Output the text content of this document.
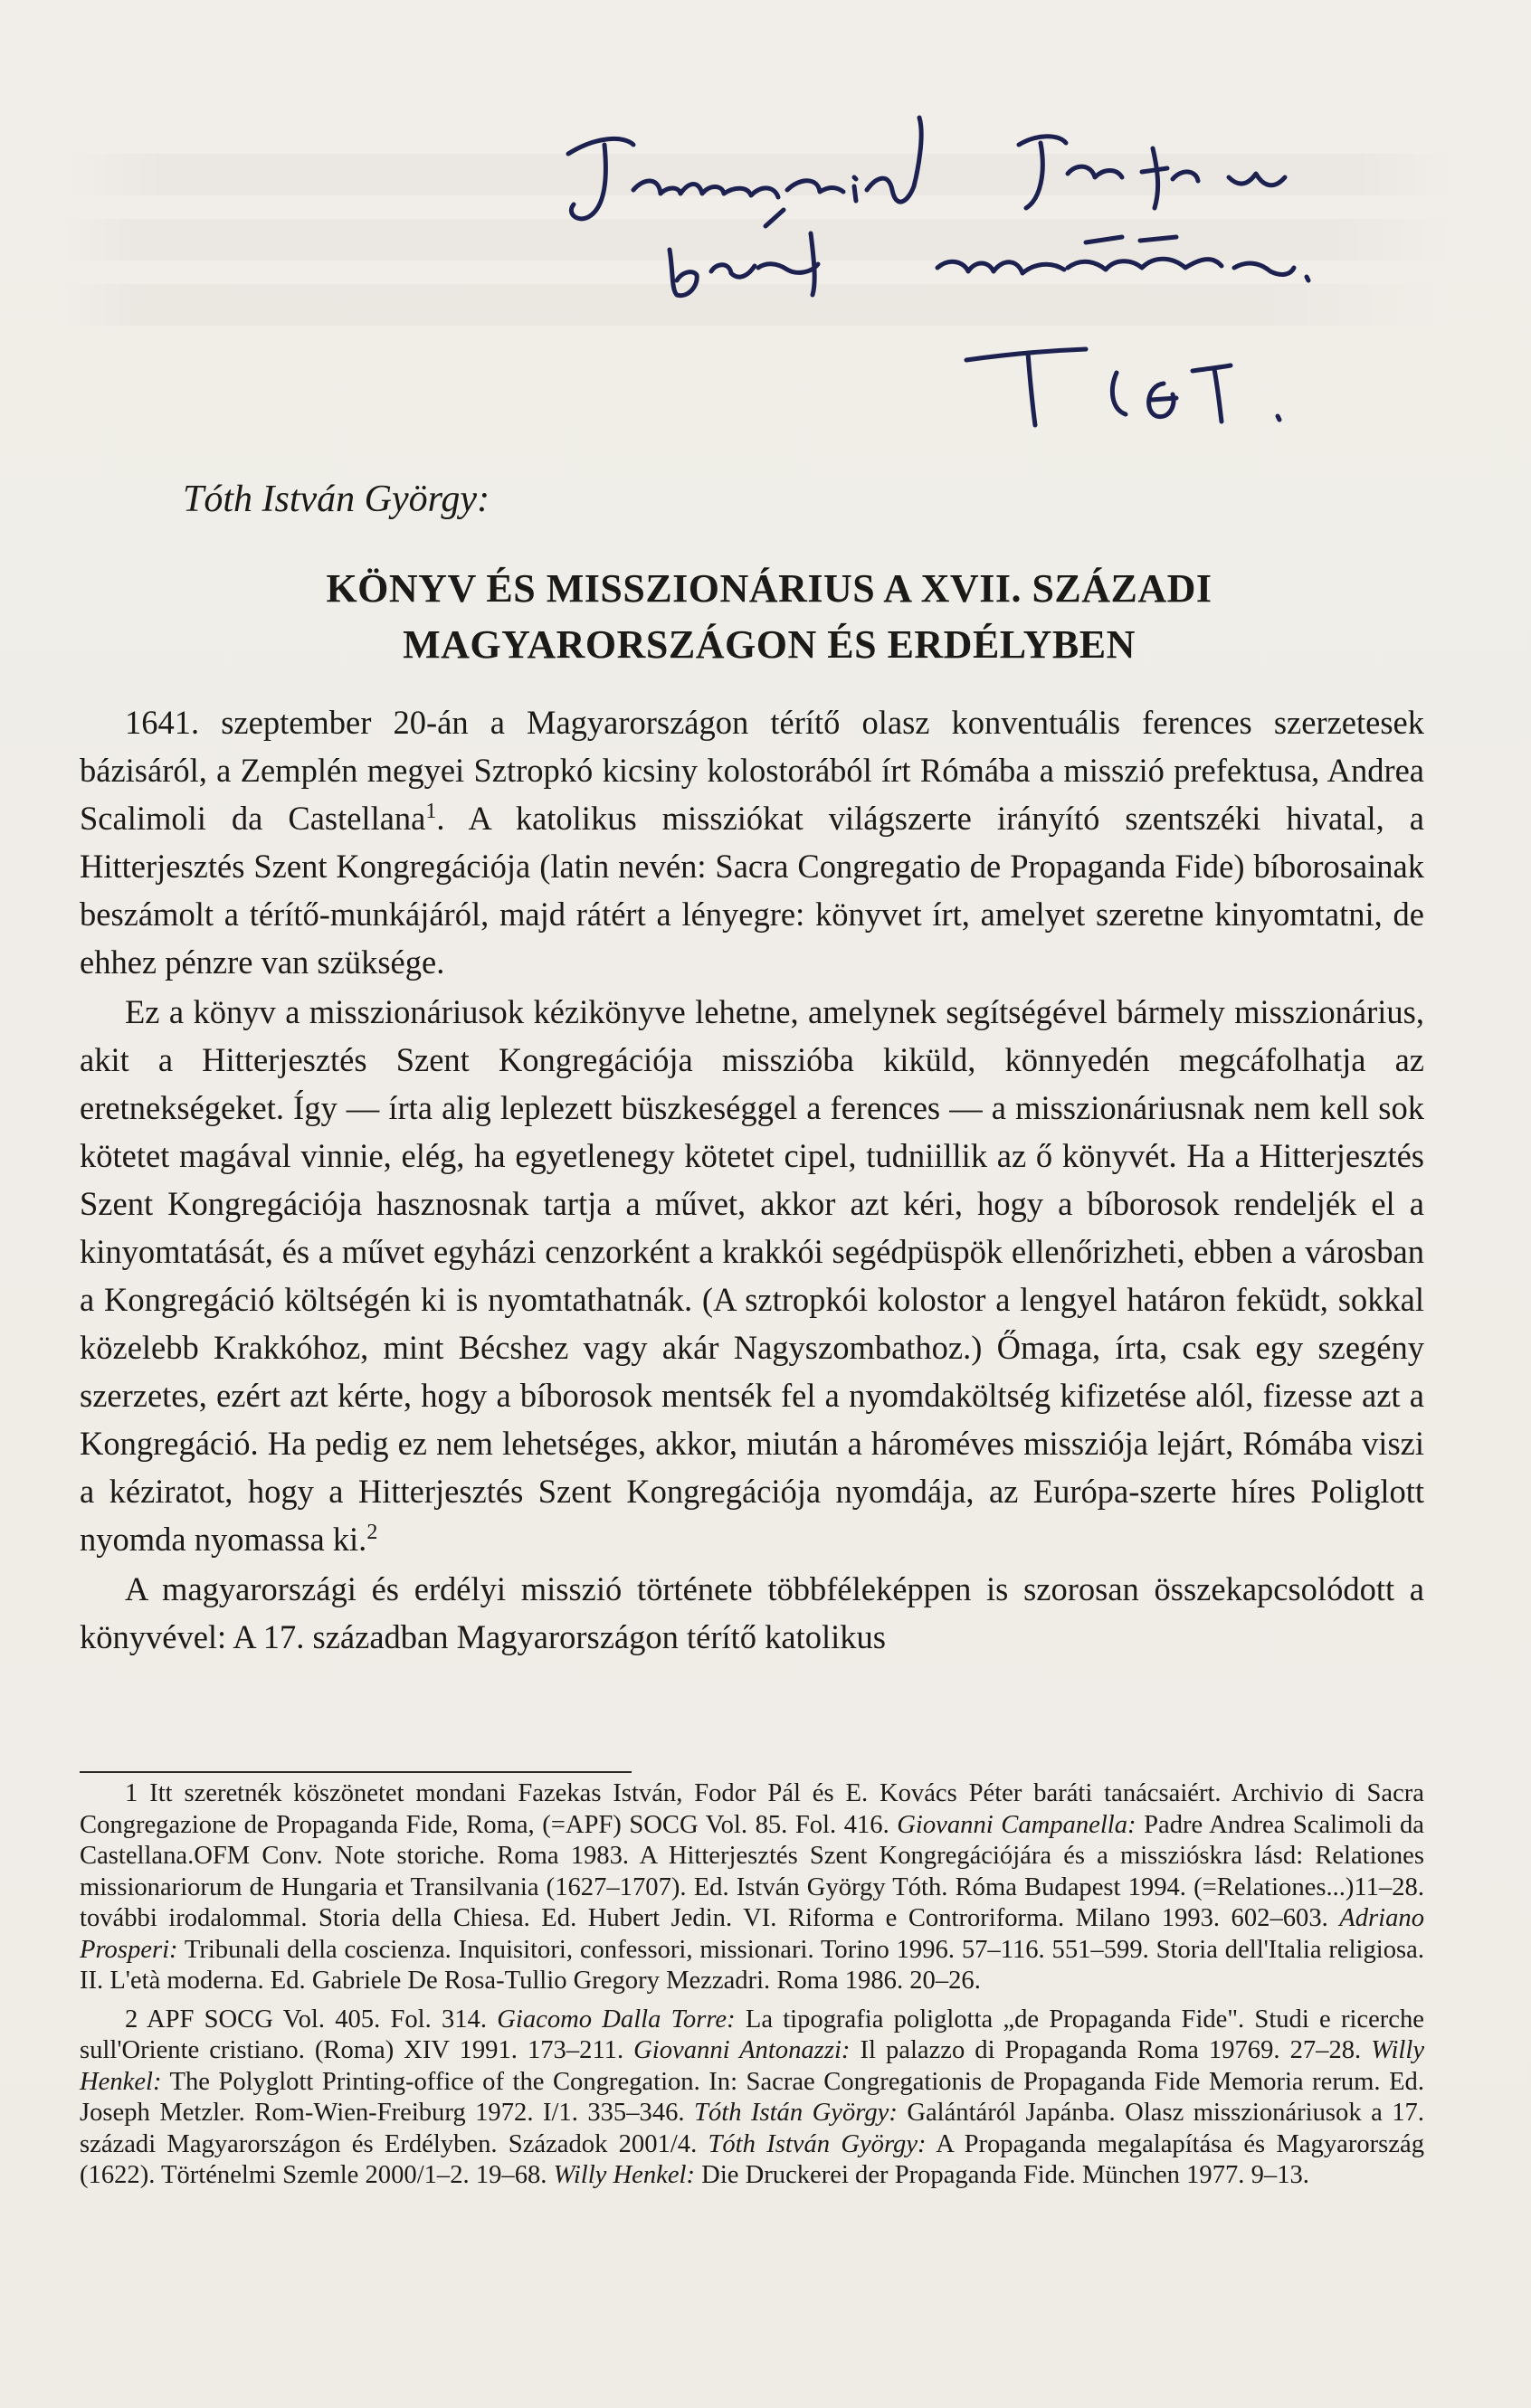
Tóth István György:
KÖNYV ÉS MISSZIONÁRIUS A XVII. SZÁZADI
MAGYARORSZÁGON ÉS ERDÉLYBEN

1641. szeptember 20-án a Magyarországon térítő olasz konventuális ferences szerzetesek bázisáról, a Zemplén megyei Sztropkó kicsiny kolostorából írt Rómába a misszió prefektusa, Andrea Scalimoli da Castellana$^1$. A katolikus missziókat világszerte irányító szentszéki hivatal, a Hitterjesztés Szent Kongregációja (latin nevén: Sacra Congregatio de Propaganda Fide) bíborosainak beszámolt a térítő-munkájáról, majd rátért a lényegre: könyvet írt, amelyet szeretne kinyomtatni, de ehhez pénzre van szüksége.

Ez a könyv a misszionáriusok kézikönyve lehetne, amelynek segítségével bármely misszionárius, akit a Hitterjesztés Szent Kongregációja misszióba kiküld, könnyedén megcáfolhatja az eretnekségeket. Így — írta alig leplezett büszkeséggel a ferences — a misszionáriusnak nem kell sok kötetet magával vinnie, elég, ha egyetlenegy kötetet cipel, tudniillik az ő könyvét. Ha a Hitterjesztés Szent Kongregációja hasznosnak tartja a művet, akkor azt kéri, hogy a bíborosok rendeljék el a kinyomtatását, és a művet egyházi cenzorként a krakkói segédpüspök ellenőrizheti, ebben a városban a Kongregáció költségén ki is nyomtathatnák. (A sztropkói kolostor a lengyel határon feküdt, sokkal közelebb Krakkóhoz, mint Bécshez vagy akár Nagyszombathoz.) Őmaga, írta, csak egy szegény szerzetes, ezért azt kérte, hogy a bíborosok mentsék fel a nyomdaköltség kifizetése alól, fizesse azt a Kongregáció. Ha pedig ez nem lehetséges, akkor, miután a hároméves missziója lejárt, Rómába viszi a kéziratot, hogy a Hitterjesztés Szent Kongregációja nyomdája, az Európa-szerte híres Poliglott nyomda nyomassa ki.$^2$

A magyarországi és erdélyi misszió története többféleképpen is szorosan összekapcsolódott a könyvével: A 17. században Magyarországon térítő katolikus

1 Itt szeretnék köszönetet mondani Fazekas István, Fodor Pál és E. Kovács Péter baráti tanácsaiért. Archivio di Sacra Congregazione de Propaganda Fide, Roma, (=APF) SOCG Vol. 85. Fol. 416. Giovanni Campanella: Padre Andrea Scalimoli da Castellana.OFM Conv. Note storiche. Roma 1983. A Hitterjesztés Szent Kongregációjára és a misszióskra lásd: Relationes missionariorum de Hungaria et Transilvania (1627–1707). Ed. István György Tóth. Róma Budapest 1994. (=Relationes...)11–28. további irodalommal. Storia della Chiesa. Ed. Hubert Jedin. VI. Riforma e Controriforma. Milano 1993. 602–603. Adriano Prosperi: Tribunali della coscienza. Inquisitori, confessori, missionari. Torino 1996. 57–116. 551–599. Storia dell'Italia religiosa. II. L'età moderna. Ed. Gabriele De Rosa-Tullio Gregory Mezzadri. Roma 1986. 20–26.

2 APF SOCG Vol. 405. Fol. 314. Giacomo Dalla Torre: La tipografia poliglotta „de Propaganda Fide". Studi e ricerche sull'Oriente cristiano. (Roma) XIV 1991. 173–211. Giovanni Antonazzi: Il palazzo di Propaganda Roma 19769. 27–28. Willy Henkel: The Polyglott Printing-office of the Congregation. In: Sacrae Congregationis de Propaganda Fide Memoria rerum. Ed. Joseph Metzler. Rom-Wien-Freiburg 1972. I/1. 335–346. Tóth Istán György: Galántáról Japánba. Olasz misszionáriusok a 17. századi Magyarországon és Erdélyben. Századok 2001/4. Tóth István György: A Propaganda megalapítása és Magyarország (1622). Történelmi Szemle 2000/1–2. 19–68. Willy Henkel: Die Druckerei der Propaganda Fide. München 1977. 9–13.
